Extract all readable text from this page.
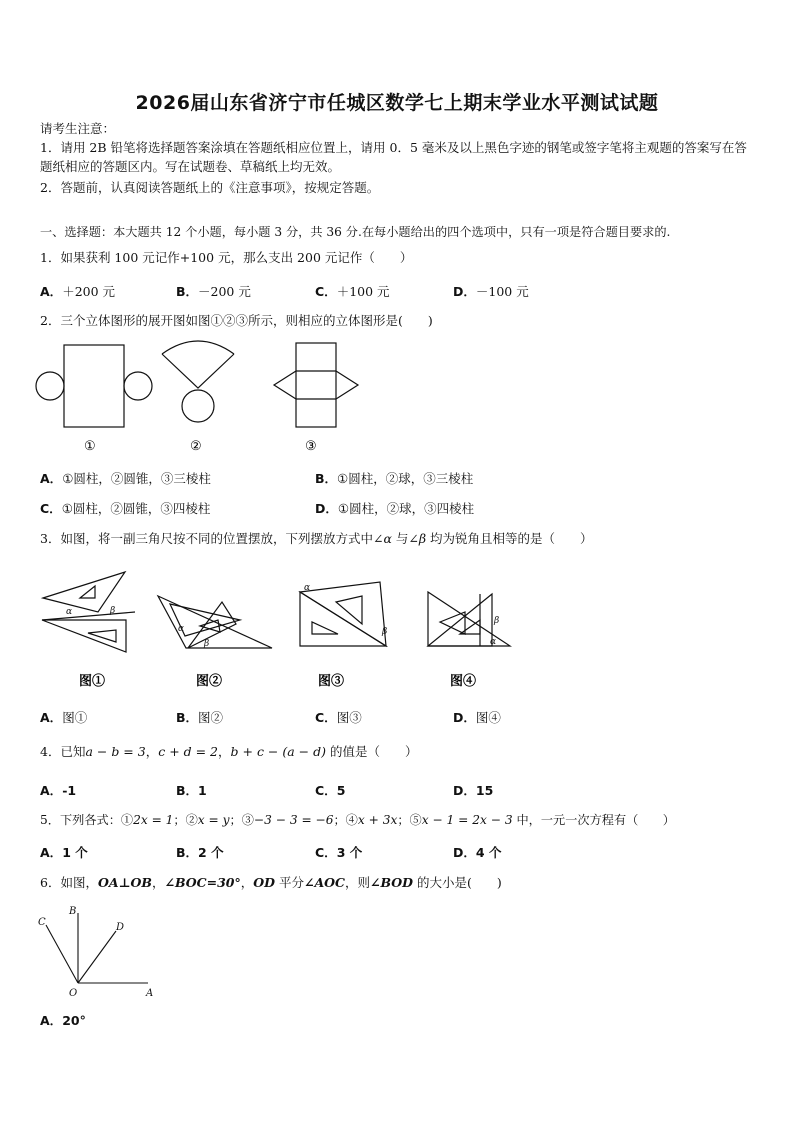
2026届山东省济宁市任城区数学七上期末学业水平测试试题
请考生注意：
1．请用 2B 铅笔将选择题答案涂填在答题纸相应位置上，请用 0．5 毫米及以上黑色字迹的钢笔或签字笔将主观题的答案写在答题纸相应的答题区内。写在试题卷、草稿纸上均无效。
2．答题前，认真阅读答题纸上的《注意事项》，按规定答题。
一、选择题：本大题共 12 个小题，每小题 3 分，共 36 分.在每小题给出的四个选项中，只有一项是符合题目要求的.
1．如果获利 100 元记作+100 元，那么支出 200 元记作（　　）
A．＋200 元	B．－200 元	C．＋100 元	D．－100 元
2．三个立体图形的展开图如图①②③所示，则相应的立体图形是(　　)
①	②	③
A．①圆柱，②圆锥，③三棱柱	B．①圆柱，②球，③三棱柱
C．①圆柱，②圆锥，③四棱柱	D．①圆柱，②球，③四棱柱
3．如图，将一副三角尺按不同的位置摆放，下列摆放方式中∠α 与∠β 均为锐角且相等的是（　　）
α	β
α
β
α
β
β
α
图①	图②	图③	图④
A．图①	B．图②	C．图③	D．图④
4．已知a − b = 3，c + d = 2，b + c − (a − d) 的值是（　　）
A．-1	B．1	C．5	D．15
5．下列各式：①2x = 1；②x = y；③−3 − 3 = −6；④x + 3x；⑤x − 1 = 2x − 3 中，一元一次方程有（　　）
A．1 个	B．2 个	C．3 个	D．4 个
6．如图，OA⊥OB，∠BOC=30°，OD 平分∠AOC，则∠BOD 的大小是(　　)
C
B
D
O	A
A．20°
